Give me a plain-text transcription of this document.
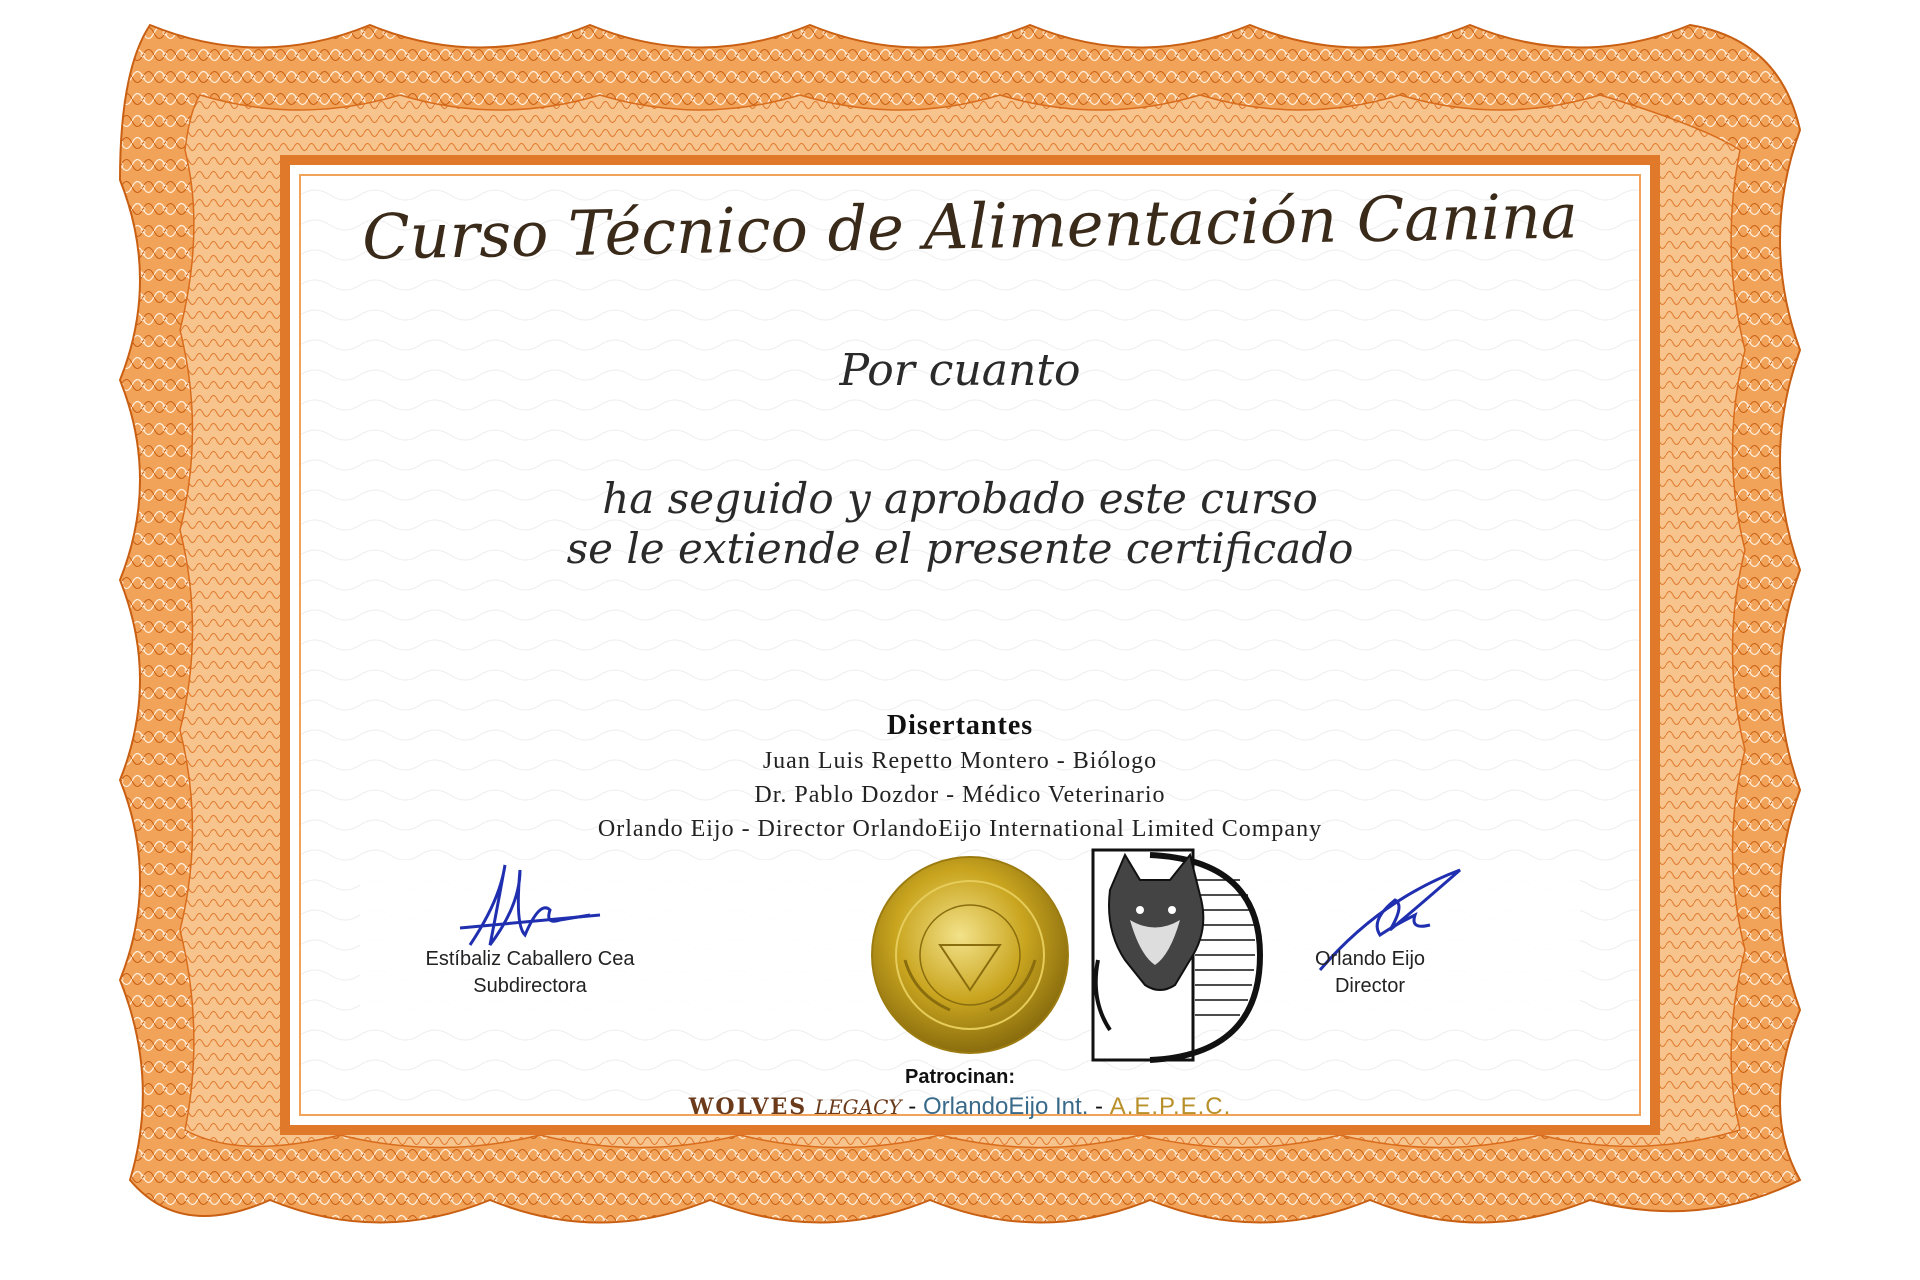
Curso Técnico de Alimentación Canina
Por cuanto
ha seguido y aprobado este curso
se le extiende el presente certificado
Disertantes
Juan Luis Repetto Montero - Biólogo
Dr. Pablo Dozdor - Médico Veterinario
Orlando Eijo - Director OrlandoEijo International Limited Company
Estíbaliz Caballero Cea
Subdirectora
Orlando Eijo
Director
Patrocinan:
WOLVES LEGACY - OrlandoEijo Int. - A.E.P.E.C.
